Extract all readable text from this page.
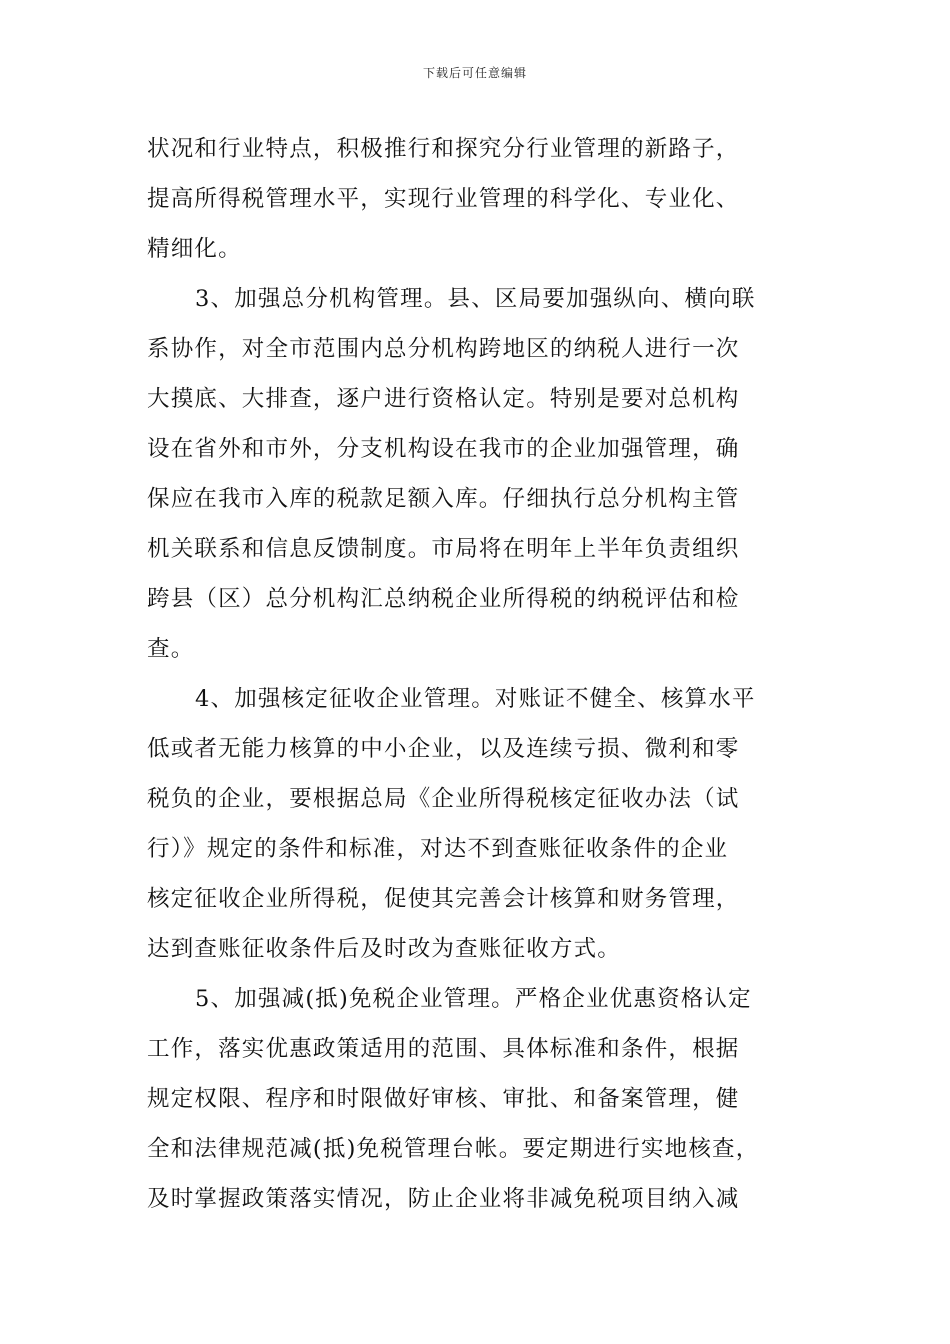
下载后可任意编辑
状况和行业特点，积极推行和探究分行业管理的新路子，
提高所得税管理水平，实现行业管理的科学化、专业化、
精细化。
3、加强总分机构管理。县、区局要加强纵向、横向联
系协作，对全市范围内总分机构跨地区的纳税人进行一次
大摸底、大排查，逐户进行资格认定。特别是要对总机构
设在省外和市外，分支机构设在我市的企业加强管理，确
保应在我市入库的税款足额入库。仔细执行总分机构主管
机关联系和信息反馈制度。市局将在明年上半年负责组织
跨县（区）总分机构汇总纳税企业所得税的纳税评估和检
查。
4、加强核定征收企业管理。对账证不健全、核算水平
低或者无能力核算的中小企业，以及连续亏损、微利和零
税负的企业，要根据总局《企业所得税核定征收办法（试
行）》规定的条件和标准，对达不到查账征收条件的企业
核定征收企业所得税，促使其完善会计核算和财务管理，
达到查账征收条件后及时改为查账征收方式。
5、加强减(抵)免税企业管理。严格企业优惠资格认定
工作，落实优惠政策适用的范围、具体标准和条件，根据
规定权限、程序和时限做好审核、审批、和备案管理，健
全和法律规范减(抵)免税管理台帐。要定期进行实地核查，
及时掌握政策落实情况，防止企业将非减免税项目纳入减
